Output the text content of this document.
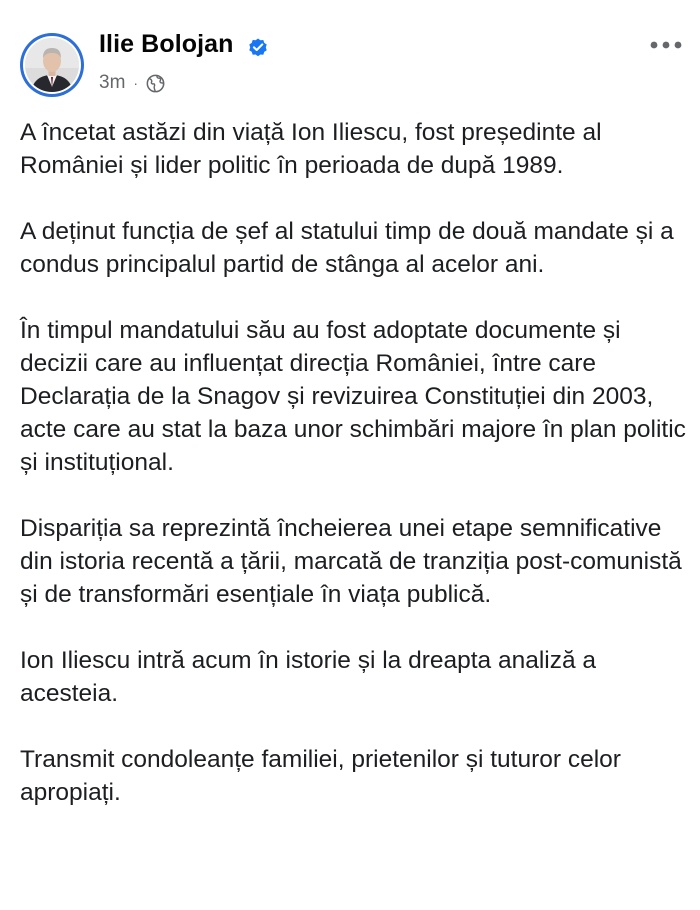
Ilie Bolojan
3m ·

A încetat astăzi din viață Ion Iliescu, fost președinte al României și lider politic în perioada de după 1989.

A deținut funcția de șef al statului timp de două mandate și a condus principalul partid de stânga al acelor ani.

În timpul mandatului său au fost adoptate documente și decizii care au influențat direcția României, între care Declarația de la Snagov și revizuirea Constituției din 2003, acte care au stat la baza unor schimbări majore în plan politic și instituțional.

Dispariția sa reprezintă încheierea unei etape semnificative din istoria recentă a țării, marcată de tranziția post-comunistă și de transformări esențiale în viața publică.

Ion Iliescu intră acum în istorie și la dreapta analiză a acesteia.

Transmit condoleanțe familiei, prietenilor și tuturor celor apropiați.
